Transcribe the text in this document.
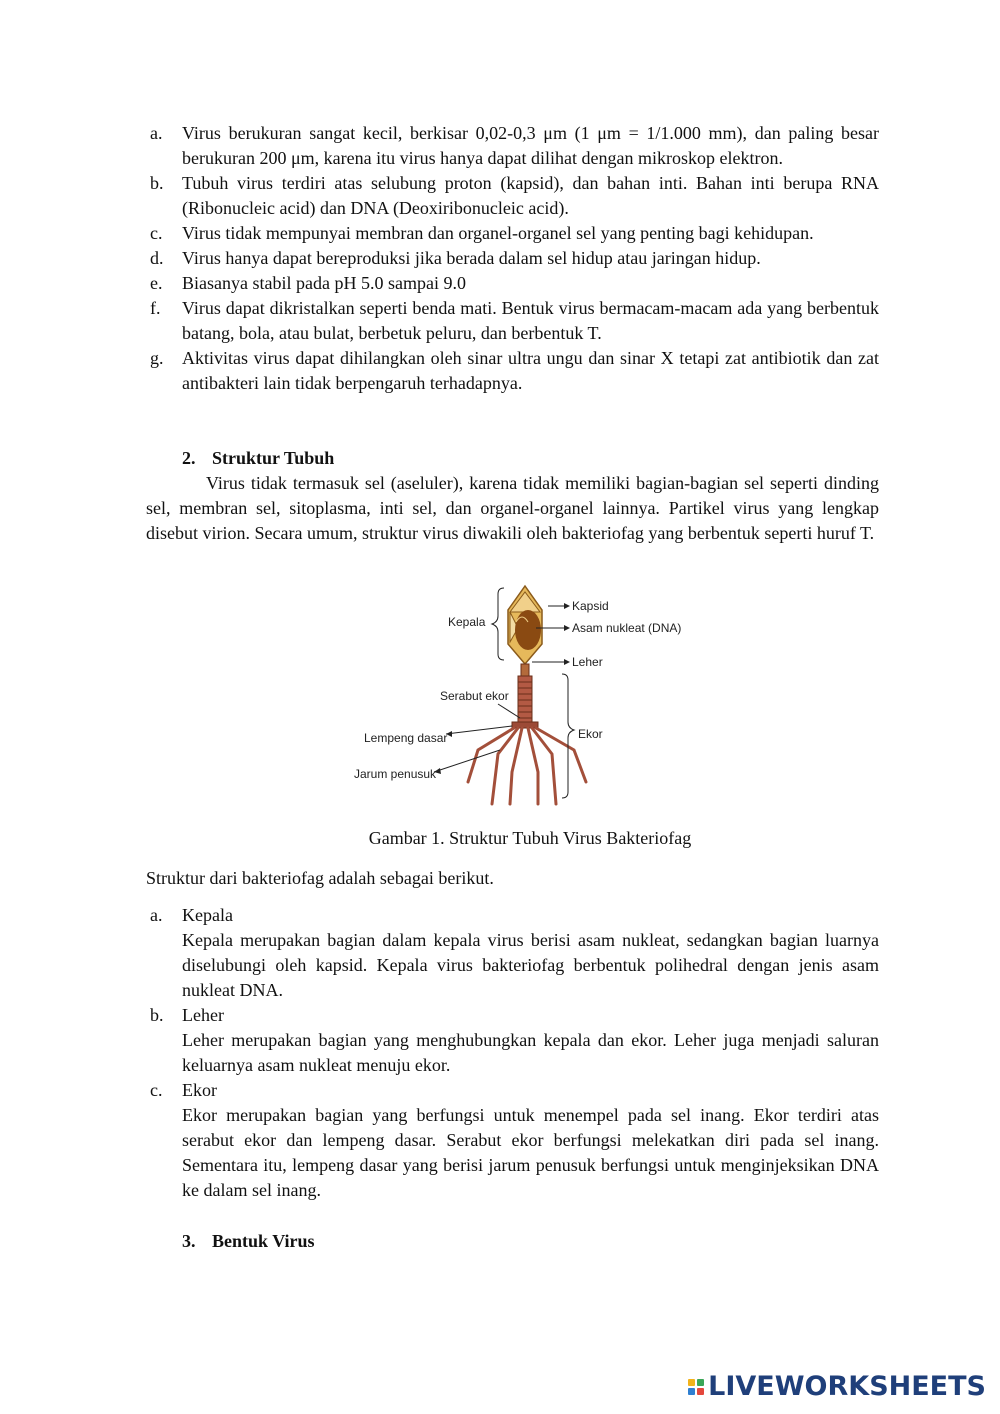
a. Virus berukuran sangat kecil, berkisar 0,02-0,3 μm (1 μm = 1/1.000 mm), dan paling besar berukuran 200 μm, karena itu virus hanya dapat dilihat dengan mikroskop elektron.
b. Tubuh virus terdiri atas selubung proton (kapsid), dan bahan inti. Bahan inti berupa RNA (Ribonucleic acid) dan DNA (Deoxiribonucleic acid).
c. Virus tidak mempunyai membran dan organel-organel sel yang penting bagi kehidupan.
d. Virus hanya dapat bereproduksi jika berada dalam sel hidup atau jaringan hidup.
e. Biasanya stabil pada pH 5.0 sampai 9.0
f. Virus dapat dikristalkan seperti benda mati. Bentuk virus bermacam-macam ada yang berbentuk batang, bola, atau bulat, berbetuk peluru, dan berbentuk T.
g. Aktivitas virus dapat dihilangkan oleh sinar ultra ungu dan sinar X tetapi zat antibiotik dan zat antibakteri lain tidak berpengaruh terhadapnya.
2. Struktur Tubuh

Virus tidak termasuk sel (aseluler), karena tidak memiliki bagian-bagian sel seperti dinding sel, membran sel, sitoplasma, inti sel, dan organel-organel lainnya. Partikel virus yang lengkap disebut virion. Secara umum, struktur virus diwakili oleh bakteriofag yang berbentuk seperti huruf T.

Kepala
Kapsid
Asam nukleat (DNA)
Leher
Serabut ekor
Ekor
Lempeng dasar
Jarum penusuk

Gambar 1. Struktur Tubuh Virus Bakteriofag

Struktur dari bakteriofag adalah sebagai berikut.

a. Kepala

Kepala merupakan bagian dalam kepala virus berisi asam nukleat, sedangkan bagian luarnya diselubungi oleh kapsid. Kepala virus bakteriofag berbentuk polihedral dengan jenis asam nukleat DNA.

b. Leher

Leher merupakan bagian yang menghubungkan kepala dan ekor. Leher juga menjadi saluran keluarnya asam nukleat menuju ekor.

c. Ekor

Ekor merupakan bagian yang berfungsi untuk menempel pada sel inang. Ekor terdiri atas serabut ekor dan lempeng dasar. Serabut ekor berfungsi melekatkan diri pada sel inang. Sementara itu, lempeng dasar yang berisi jarum penusuk berfungsi untuk menginjeksikan DNA ke dalam sel inang.

3. Bentuk Virus
LIVEWORKSHEETS
